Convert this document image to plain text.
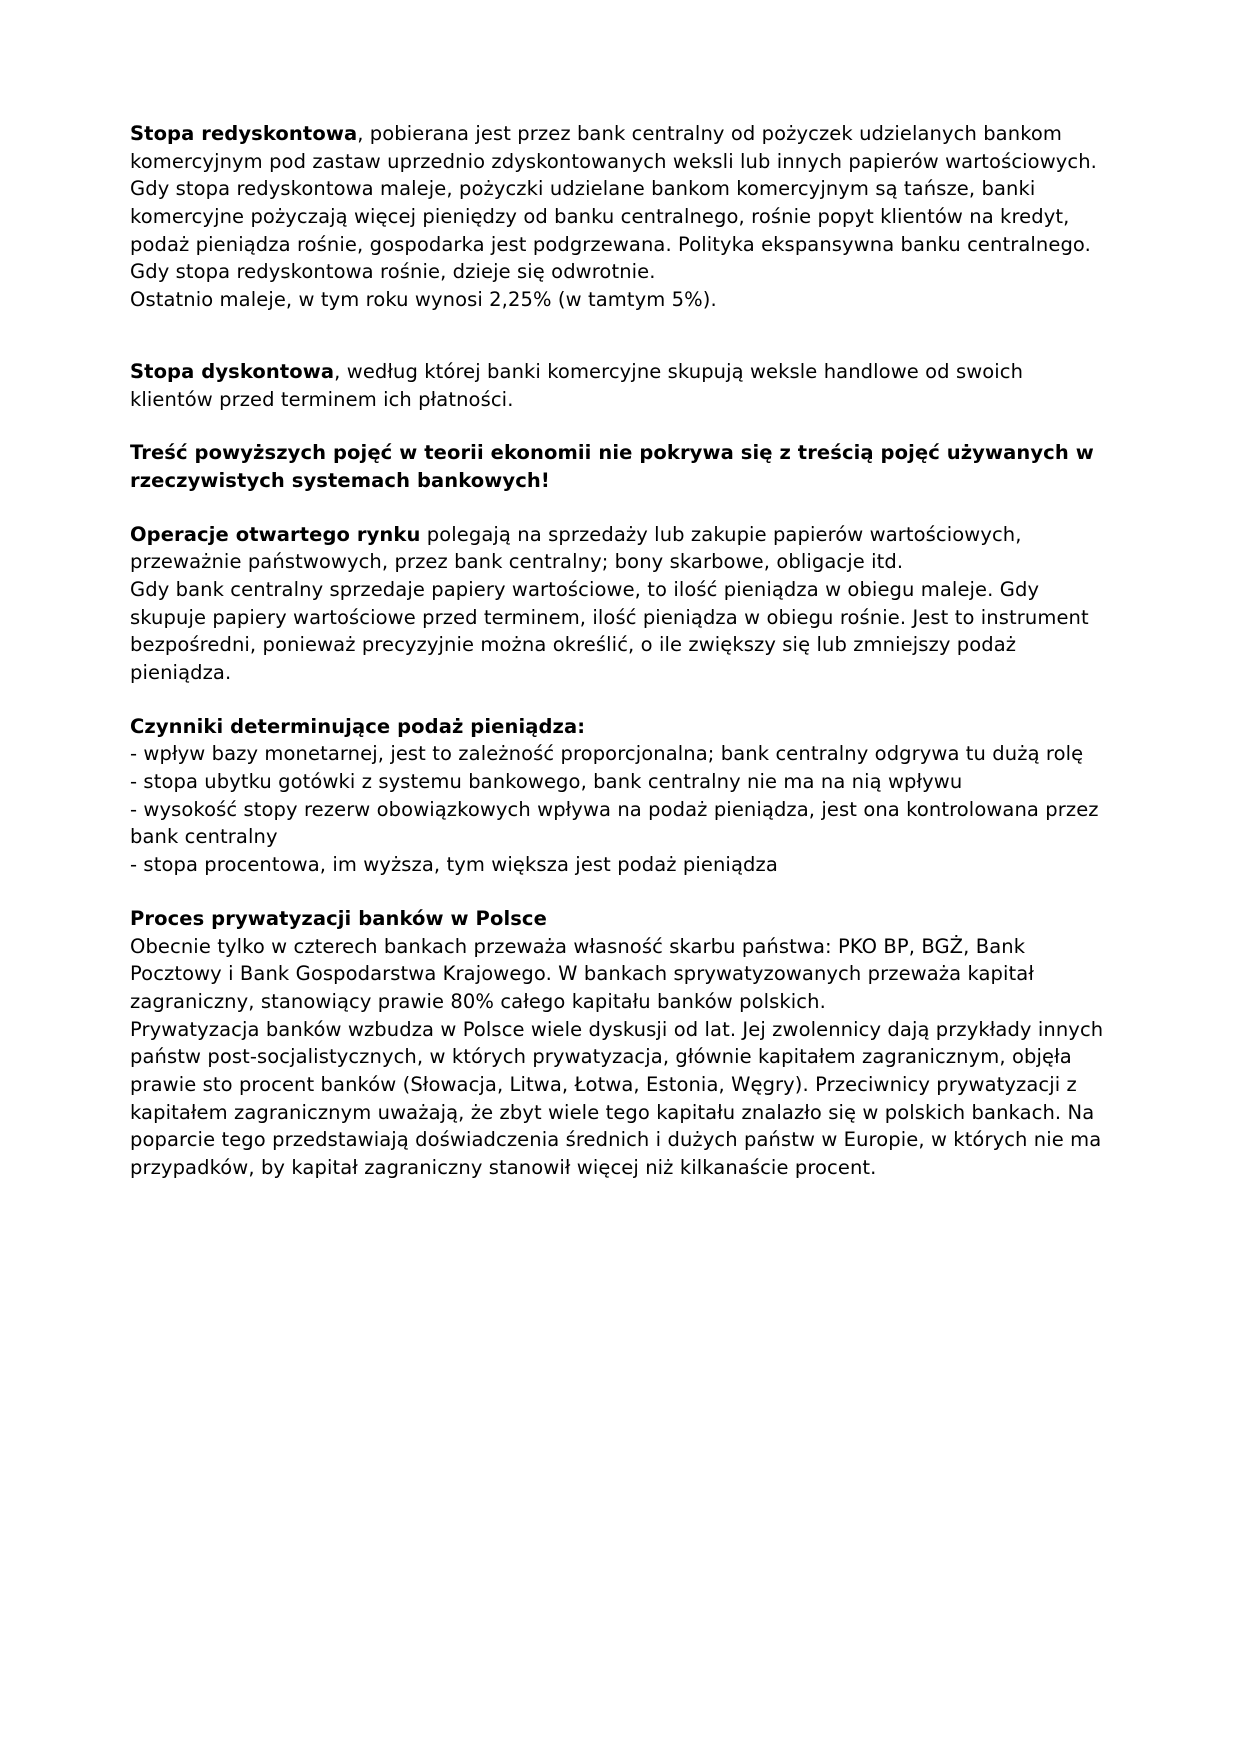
Stopa redyskontowa, pobierana jest przez bank centralny od pożyczek udzielanych bankom komercyjnym pod zastaw uprzednio zdyskontowanych weksli lub innych papierów wartościowych. Gdy stopa redyskontowa maleje, pożyczki udzielane bankom komercyjnym są tańsze, banki komercyjne pożyczają więcej pieniędzy od banku centralnego, rośnie popyt klientów na kredyt, podaż pieniądza rośnie, gospodarka jest podgrzewana. Polityka ekspansywna banku centralnego.

Gdy stopa redyskontowa rośnie, dzieje się odwrotnie.

Ostatnio maleje, w tym roku wynosi 2,25% (w tamtym 5%).

Stopa dyskontowa, według której banki komercyjne skupują weksle handlowe od swoich klientów przed terminem ich płatności.

Treść powyższych pojęć w teorii ekonomii nie pokrywa się z treścią pojęć używanych w rzeczywistych systemach bankowych!

Operacje otwartego rynku polegają na sprzedaży lub zakupie papierów wartościowych, przeważnie państwowych, przez bank centralny; bony skarbowe, obligacje itd.

Gdy bank centralny sprzedaje papiery wartościowe, to ilość pieniądza w obiegu maleje. Gdy skupuje papiery wartościowe przed terminem, ilość pieniądza w obiegu rośnie. Jest to instrument bezpośredni, ponieważ precyzyjnie można określić, o ile zwiększy się lub zmniejszy podaż pieniądza.

Czynniki determinujące podaż pieniądza:

- wpływ bazy monetarnej, jest to zależność proporcjonalna; bank centralny odgrywa tu dużą rolę

- stopa ubytku gotówki z systemu bankowego, bank centralny nie ma na nią wpływu

- wysokość stopy rezerw obowiązkowych wpływa na podaż pieniądza, jest ona kontrolowana przez bank centralny

- stopa procentowa, im wyższa, tym większa jest podaż pieniądza

Proces prywatyzacji banków w Polsce

Obecnie tylko w czterech bankach przeważa własność skarbu państwa: PKO BP, BGŻ, Bank Pocztowy i Bank Gospodarstwa Krajowego. W bankach sprywatyzowanych przeważa kapitał zagraniczny, stanowiący prawie 80% całego kapitału banków polskich.

Prywatyzacja banków wzbudza w Polsce wiele dyskusji od lat. Jej zwolennicy dają przykłady innych państw post-socjalistycznych, w których prywatyzacja, głównie kapitałem zagranicznym, objęła prawie sto procent banków (Słowacja, Litwa, Łotwa, Estonia, Węgry). Przeciwnicy prywatyzacji z kapitałem zagranicznym uważają, że zbyt wiele tego kapitału znalazło się w polskich bankach. Na poparcie tego przedstawiają doświadczenia średnich i dużych państw w Europie, w których nie ma przypadków, by kapitał zagraniczny stanowił więcej niż kilkanaście procent.
